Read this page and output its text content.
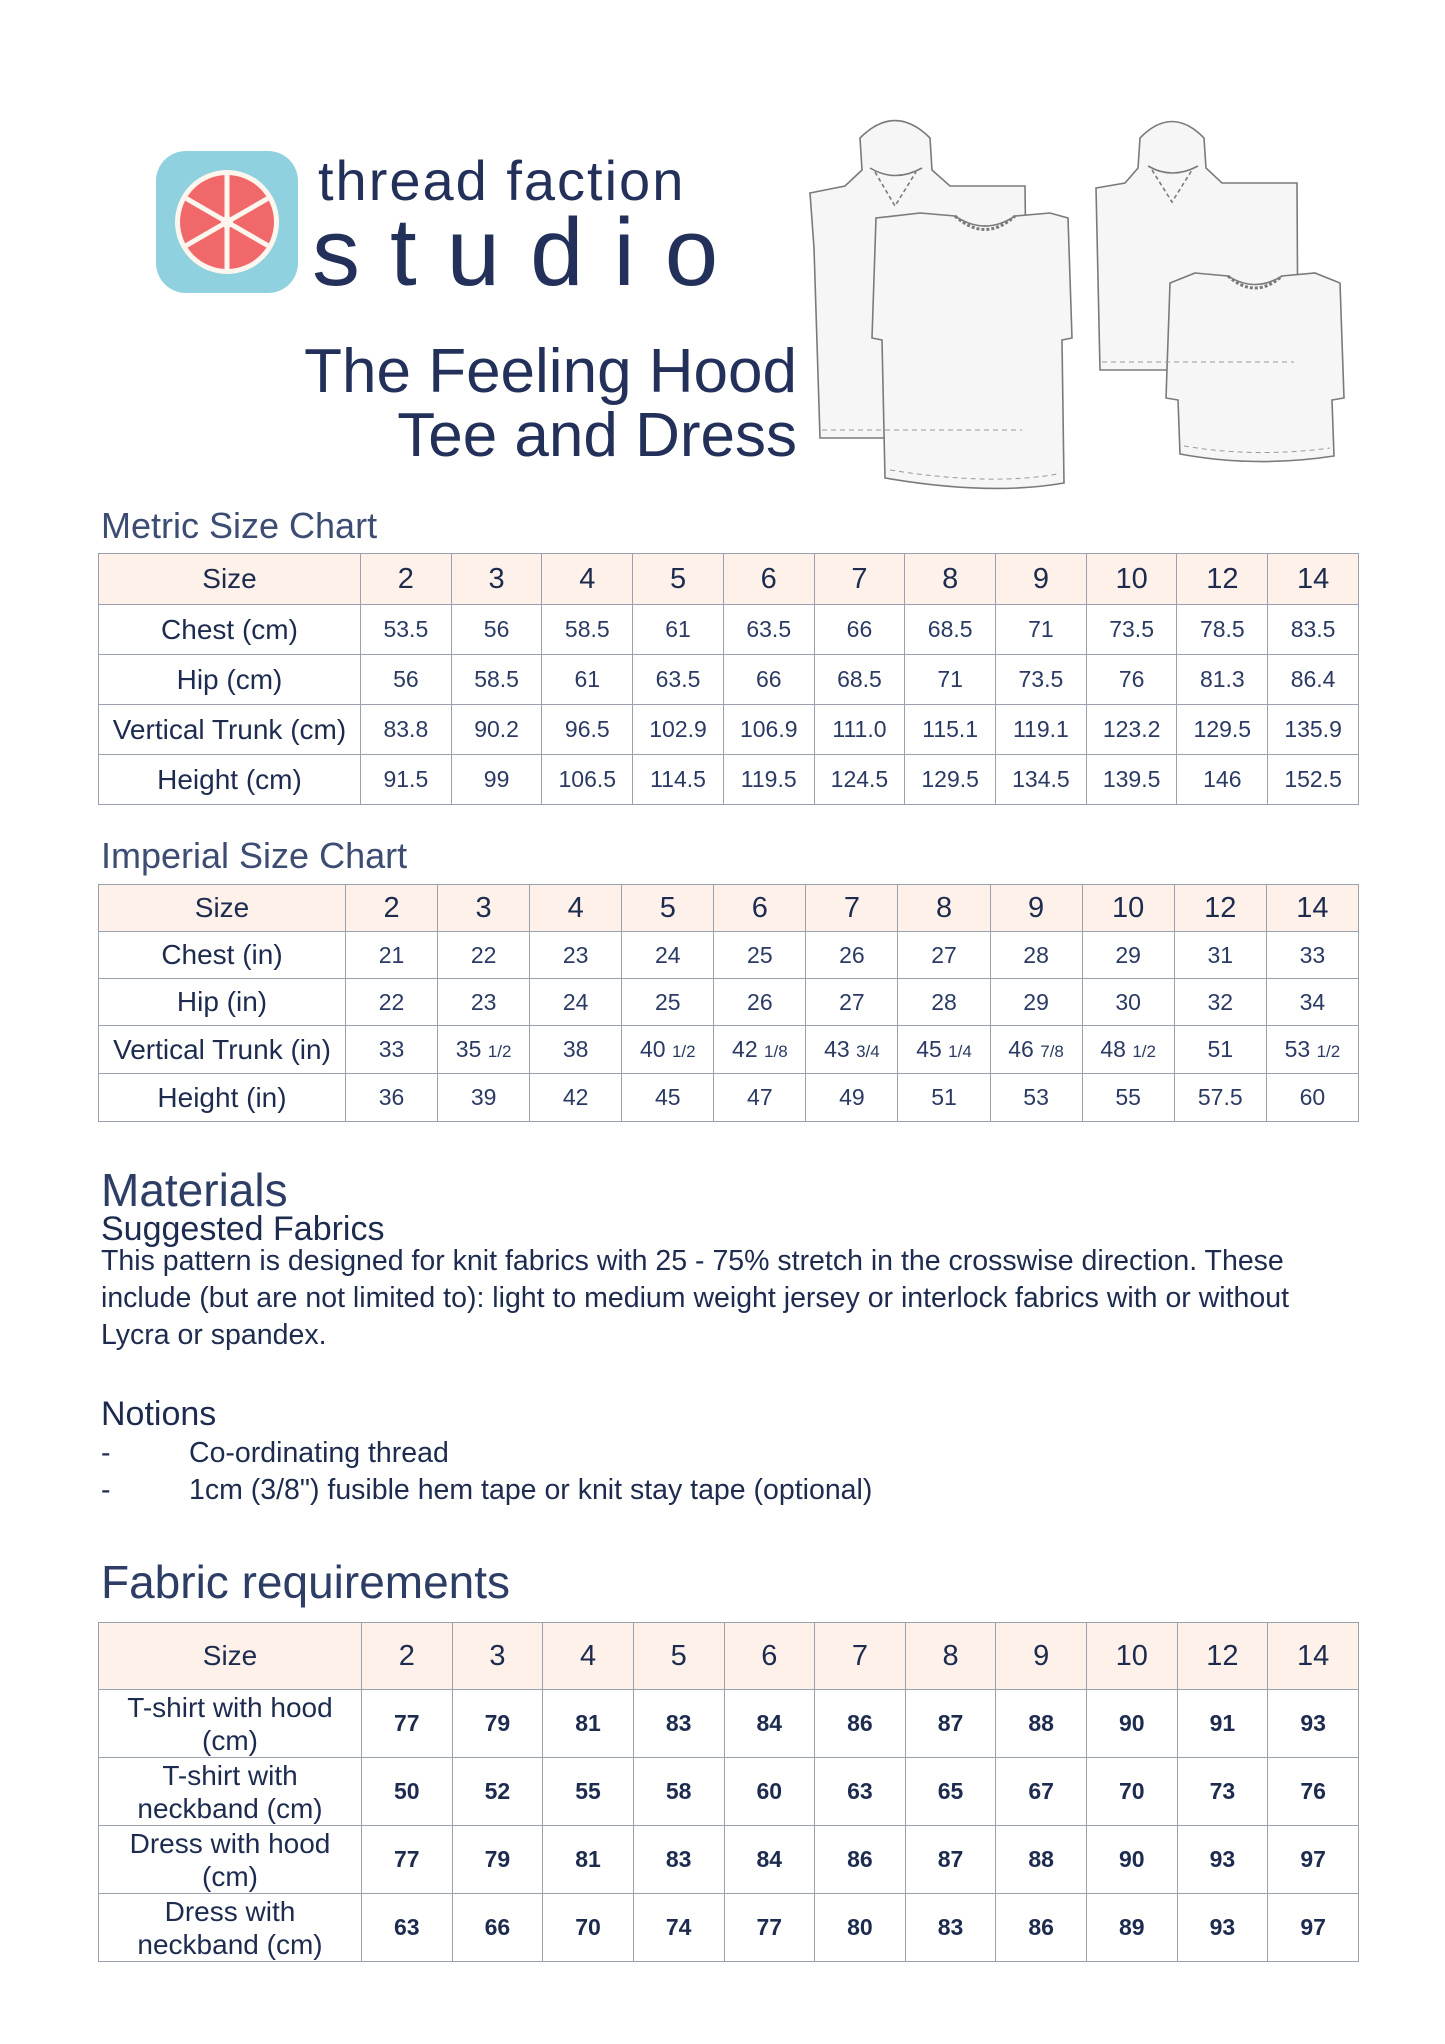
thread faction
studio
The Feeling Hood
Tee and Dress
Metric Size Chart
Size	2	3	4	5	6	7	8	9	10	12	14
Chest (cm)	53.5	56	58.5	61	63.5	66	68.5	71	73.5	78.5	83.5
Hip (cm)	56	58.5	61	63.5	66	68.5	71	73.5	76	81.3	86.4
Vertical Trunk (cm)	83.8	90.2	96.5	102.9	106.9	111.0	115.1	119.1	123.2	129.5	135.9
Height (cm)	91.5	99	106.5	114.5	119.5	124.5	129.5	134.5	139.5	146	152.5
Imperial Size Chart
Size	2	3	4	5	6	7	8	9	10	12	14
Chest (in)	21	22	23	24	25	26	27	28	29	31	33
Hip (in)	22	23	24	25	26	27	28	29	30	32	34
Vertical Trunk (in)	33	35 1/2	38	40 1/2	42 1/8	43 3/4	45 1/4	46 7/8	48 1/2	51	53 1/2
Height (in)	36	39	42	45	47	49	51	53	55	57.5	60
Materials
Suggested Fabrics
This pattern is designed for knit fabrics with 25 - 75% stretch in the crosswise direction. These include (but are not limited to): light to medium weight jersey or interlock fabrics with or without Lycra or spandex.
Notions
-	Co-ordinating thread
-	1cm (3/8") fusible hem tape or knit stay tape (optional)
Fabric requirements
Size	2	3	4	5	6	7	8	9	10	12	14

T-shirt with hood
(cm)	77	79	81	83	84	86	87	88	90	91	93

T-shirt with
neckband (cm)	50	52	55	58	60	63	65	67	70	73	76

Dress with hood
(cm)	77	79	81	83	84	86	87	88	90	93	97

Dress with
neckband (cm)	63	66	70	74	77	80	83	86	89	93	97
